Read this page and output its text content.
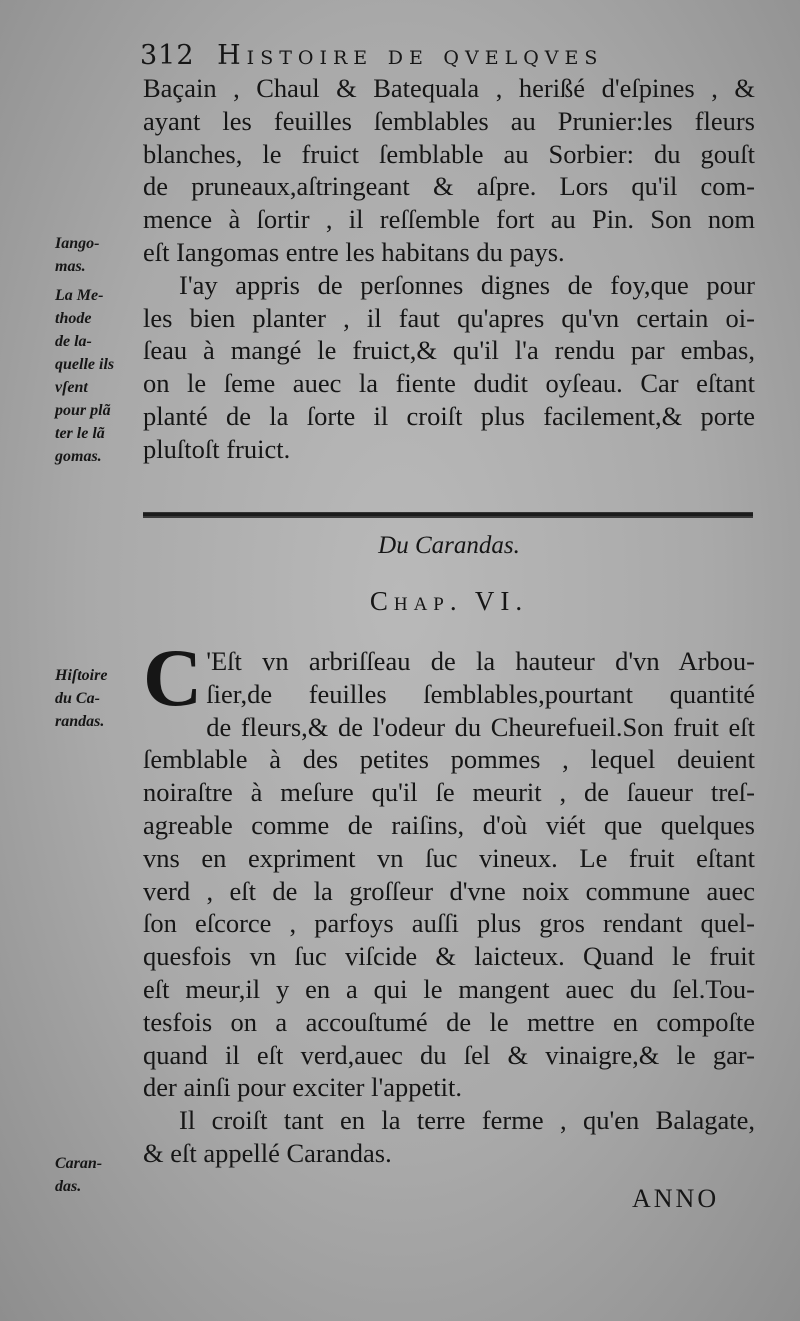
312 Histoire de qvelqves
Baçain , Chaul & Batequala , herißé d'eſpines , &
ayant les feuilles ſemblables au Prunier:les fleurs
blanches, le fruict ſemblable au Sorbier: du gouſt
de pruneaux,aſtringeant & aſpre. Lors qu'il com-
mence à ſortir , il reſſemble fort au Pin. Son nom
eſt Iangomas entre les habitans du pays.
I'ay appris de perſonnes dignes de foy,que pour
les bien planter , il faut qu'apres qu'vn certain oi-
ſeau à mangé le fruict,& qu'il l'a rendu par embas,
on le ſeme auec la fiente dudit oyſeau. Car eſtant
planté de la ſorte il croiſt plus facilement,& porte
pluſtoſt fruict.
Du Carandas.
Chap. VI.
C 'Eſt vn arbriſſeau de la hauteur d'vn Arbou-
ſier,de feuilles ſemblables,pourtant quantité
de fleurs,& de l'odeur du Cheurefueil.Son fruit eſt
ſemblable à des petites pommes , lequel deuient
noiraſtre à meſure qu'il ſe meurit , de ſaueur treſ-
agreable comme de raiſins, d'où viét que quelques
vns en expriment vn ſuc vineux. Le fruit eſtant
verd , eſt de la groſſeur d'vne noix commune auec
ſon eſcorce , parfoys auſſi plus gros rendant quel-
quesfois vn ſuc viſcide & laicteux. Quand le fruit
eſt meur,il y en a qui le mangent auec du ſel.Tou-
tesfois on a accouſtumé de le mettre en compoſte
quand il eſt verd,auec du ſel & vinaigre,& le gar-
der ainſi pour exciter l'appetit.
Il croiſt tant en la terre ferme , qu'en Balagate,
& eſt appellé Carandas.
Iango-
mas.
La Me-
thode
de la-
quelle ils
vſent
pour plã
ter le lã
gomas.
Hiſtoire
du Ca-
randas.
Caran-
das.	ANNO
